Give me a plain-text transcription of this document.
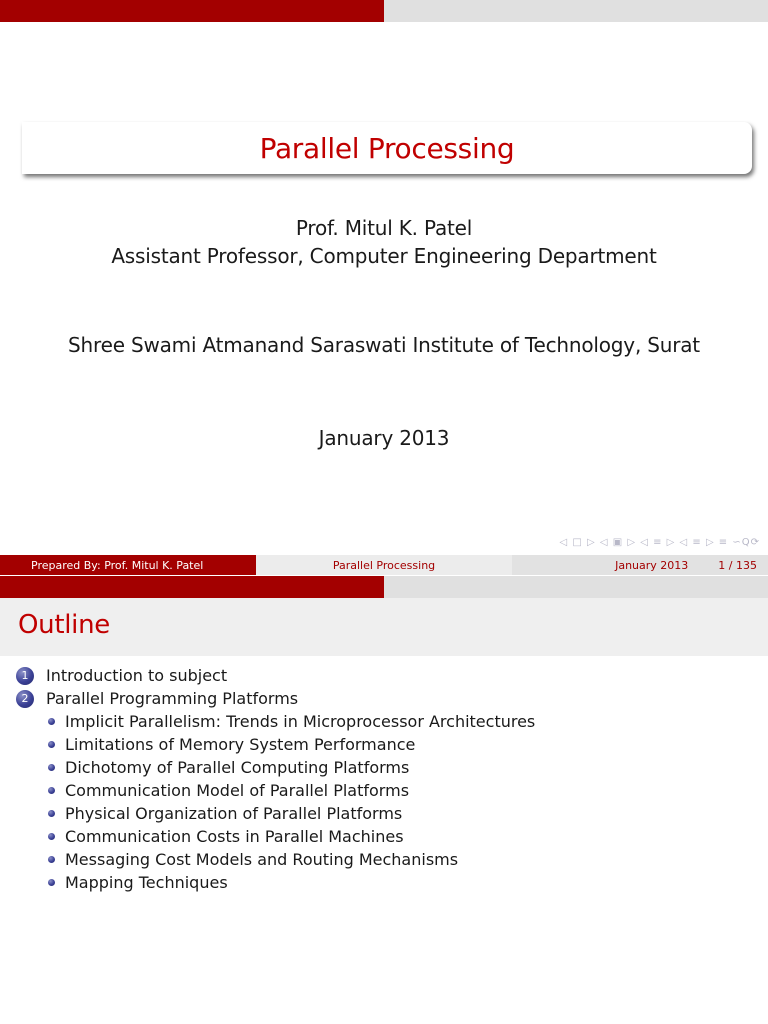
Parallel Processing
Prof. Mitul K. Patel
Assistant Professor, Computer Engineering Department
Shree Swami Atmanand Saraswati Institute of Technology, Surat
January 2013
◁ □ ▷ ◁ ▣ ▷ ◁ ≡ ▷ ◁ ≡ ▷ ≡ ∽Q⟳
Prepared By: Prof. Mitul K. Patel	Parallel Processing	January 2013	1 / 135
Outline
1	Introduction to subject
2	Parallel Programming Platforms
Implicit Parallelism: Trends in Microprocessor Architectures
Limitations of Memory System Performance
Dichotomy of Parallel Computing Platforms
Communication Model of Parallel Platforms
Physical Organization of Parallel Platforms
Communication Costs in Parallel Machines
Messaging Cost Models and Routing Mechanisms
Mapping Techniques
